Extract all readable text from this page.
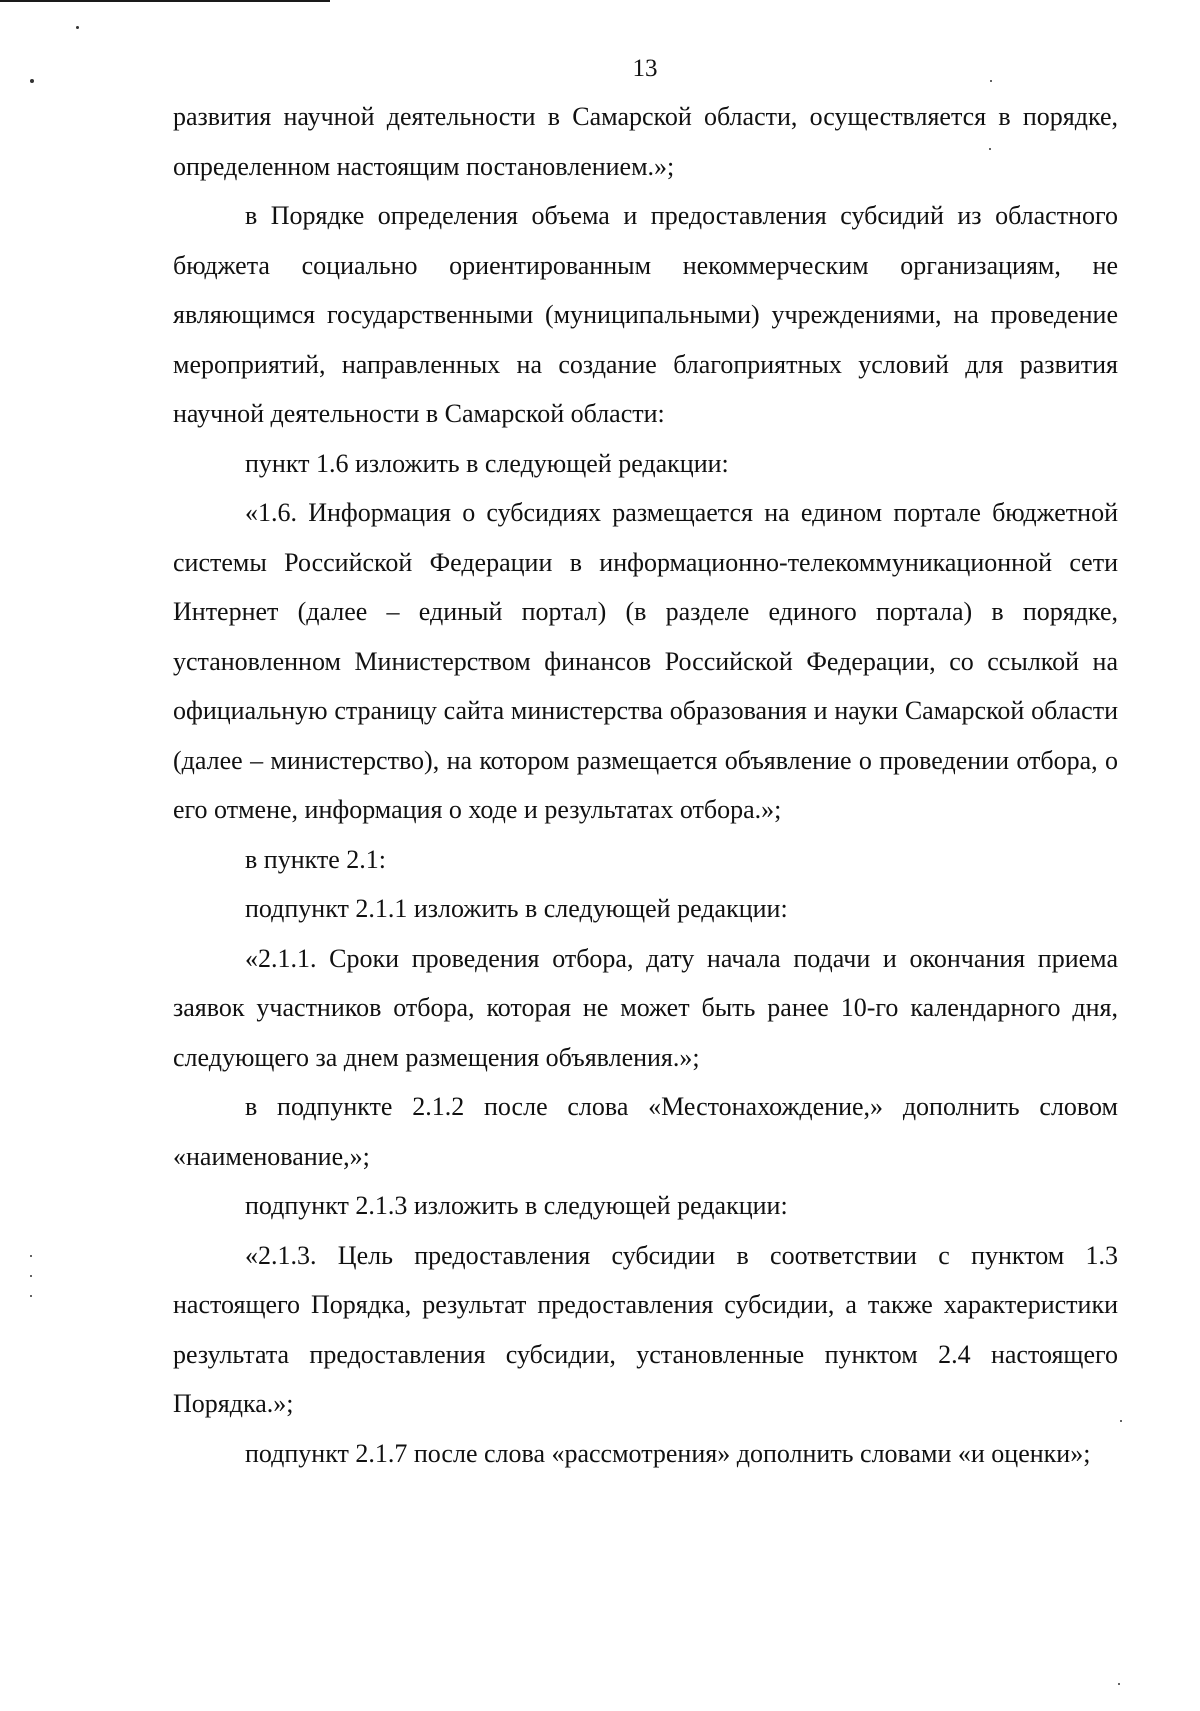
13

развития научной деятельности в Самарской области, осуществляется в порядке, определенном настоящим постановлением.»;

в Порядке определения объема и предоставления субсидий из областного бюджета социально ориентированным некоммерческим организациям, не являющимся государственными (муниципальными) учреждениями, на проведение мероприятий, направленных на создание благоприятных условий для развития научной деятельности в Самарской области:

пункт 1.6 изложить в следующей редакции:

«1.6. Информация о субсидиях размещается на едином портале бюджетной системы Российской Федерации в информационно-телекоммуникационной сети Интернет (далее – единый портал) (в разделе единого портала) в порядке, установленном Министерством финансов Российской Федерации, со ссылкой на официальную страницу сайта министерства образования и науки Самарской области (далее – министерство), на котором размещается объявление о проведении отбора, о его отмене, информация о ходе и результатах отбора.»;

в пункте 2.1:

подпункт 2.1.1 изложить в следующей редакции:

«2.1.1. Сроки проведения отбора, дату начала подачи и окончания приема заявок участников отбора, которая не может быть ранее 10-го календарного дня, следующего за днем размещения объявления.»;

в подпункте 2.1.2 после слова «Местонахождение,» дополнить словом «наименование,»;

подпункт 2.1.3 изложить в следующей редакции:

«2.1.3. Цель предоставления субсидии в соответствии с пунктом 1.3 настоящего Порядка, результат предоставления субсидии, а также характеристики результата предоставления субсидии, установленные пунктом 2.4 настоящего Порядка.»;

подпункт 2.1.7 после слова «рассмотрения» дополнить словами «и оценки»;
